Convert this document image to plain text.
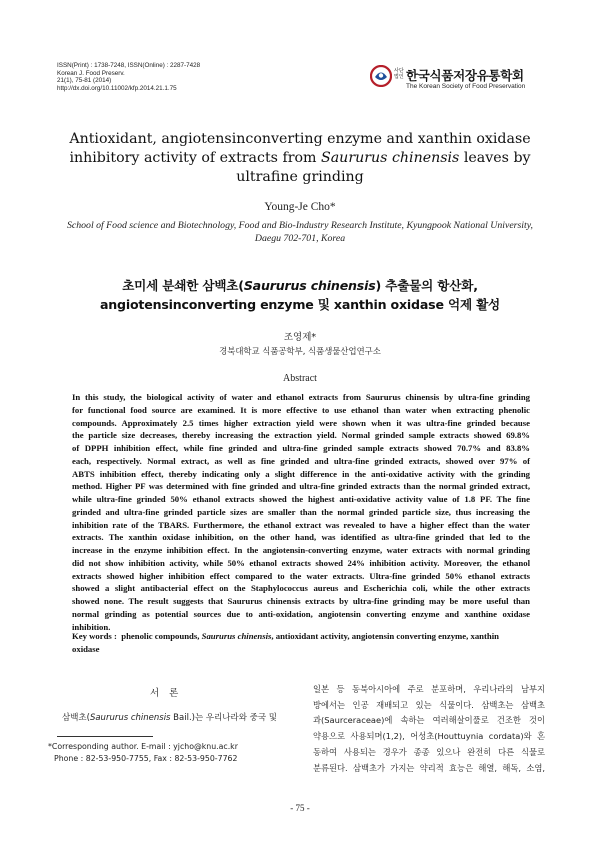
ISSN(Print) : 1738-7248, ISSN(Online) : 2287-7428
Korean J. Food Preserv.
21(1), 75-81 (2014)
http://dx.doi.org/10.11002/kfp.2014.21.1.75
사단
법인 한국식품저장유통학회
The Korean Society of Food Preservation
Antioxidant, angiotensinconverting enzyme and xanthin oxidase
inhibitory activity of extracts from Saururus chinensis leaves by
ultrafine grinding
Young-Je Cho*
School of Food science and Biotechnology, Food and Bio-Industry Research Institute, Kyungpook National University,
Daegu 702-701, Korea
초미세 분쇄한 삼백초(Saururus chinensis) 추출물의 항산화,
angiotensinconverting enzyme 및 xanthin oxidase 억제 활성
조영제*
경북대학교 식품공학부, 식품생물산업연구소
Abstract
In this study, the biological activity of water and ethanol extracts from Saururus chinensis by ultra-fine grinding
for functional food source are examined. It is more effective to use ethanol than water when extracting phenolic
compounds. Approximately 2.5 times higher extraction yield were shown when it was ultra-fine grinded because
the particle size decreases, thereby increasing the extraction yield. Normal grinded sample extracts showed 69.8%
of DPPH inhibition effect, while fine grinded and ultra-fine grinded sample extracts showed 70.7% and 83.8%
each, respectively. Normal extract, as well as fine grinded and ultra-fine grinded extracts, showed over 97% of
ABTS inhibition effect, thereby indicating only a slight difference in the anti-oxidative activity with the grinding
method. Higher PF was determined with fine grinded and ultra-fine grinded extracts than the normal grinded extract,
while ultra-fine grinded 50% ethanol extracts showed the highest anti-oxidative activity value of 1.8 PF. The fine
grinded and ultra-fine grinded particle sizes are smaller than the normal grinded particle size, thus increasing the
inhibition rate of the TBARS. Furthermore, the ethanol extract was revealed to have a higher effect than the water
extracts. The xanthin oxidase inhibition, on the other hand, was identified as ultra-fine grinded that led to the
increase in the enzyme inhibition effect. In the angiotensin-converting enzyme, water extracts with normal grinding
did not show inhibition activity, while 50% ethanol extracts showed 24% inhibition activity. Moreover, the ethanol
extracts showed higher inhibition effect compared to the water extracts. Ultra-fine grinded 50% ethanol extracts
showed a slight antibacterial effect on the Staphylococcus aureus and Escherichia coli, while the other extracts
showed none. The result suggests that Saururus chinensis extracts by ultra-fine grinding may be more useful than
normal grinding as potential sources due to anti-oxidation, angiotensin converting enzyme and xanthine oxidase
inhibition.
Key words : phenolic compounds, Saururus chinensis, antioxidant activity, angiotensin converting enzyme, xanthin
oxidase
서론
삼백초(Saururus chinensis Bail.)는 우리나라와 중국 및
*Corresponding author. E-mail : yjcho@knu.ac.kr
Phone : 82-53-950-7755, Fax : 82-53-950-7762
일본 등 동북아시아에 주로 분포하며, 우리나라의 남부지
방에서는 인공 재배되고 있는 식물이다. 삼백초는 삼백초
과(Saurceraceae)에 속하는 여러해살이풀로 건조한 것이
약용으로 사용되며(1,2), 어성초(Houttuynia cordata)와 혼
동하여 사용되는 경우가 종종 있으나 완전히 다른 식물로
분류된다. 삼백초가 가지는 약리적 효능은 해열, 해독, 소염,
- 75 -
